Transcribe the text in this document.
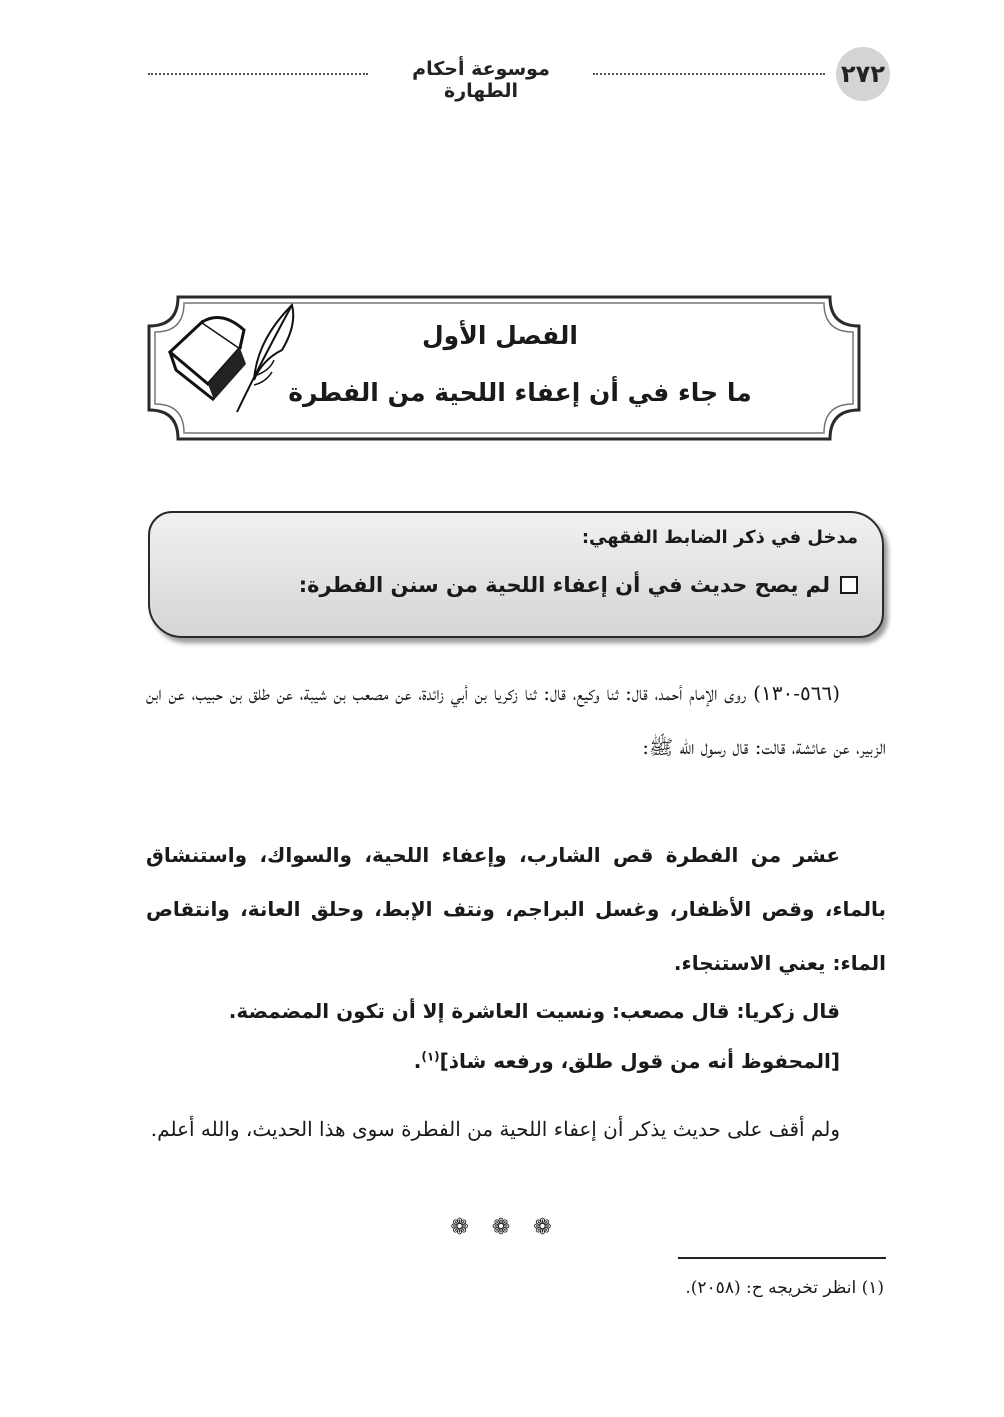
٢٧٢
موسوعة أحكام الطهارة
الفصل الأول
ما جاء في أن إعفاء اللحية من الفطرة
مدخل في ذكر الضابط الفقهي:
لم يصح حديث في أن إعفاء اللحية من سنن الفطرة:
(٥٦٦-١٣٠) روى الإمام أحمد، قال: ثنا وكيع، قال: ثنا زكريا بن أبي زائدة، عن مصعب بن شيبة، عن طلق بن حبيب، عن ابن الزبير، عن عائشة، قالت: قال رسول الله ﷺ:
عشر من الفطرة قص الشارب، وإعفاء اللحية، والسواك، واستنشاق بالماء، وقص الأظفار، وغسل البراجم، ونتف الإبط، وحلق العانة، وانتقاص الماء: يعني الاستنجاء.
قال زكريا: قال مصعب: ونسيت العاشرة إلا أن تكون المضمضة.
[المحفوظ أنه من قول طلق، ورفعه شاذ]$^{(١)}$.
ولم أقف على حديث يذكر أن إعفاء اللحية من الفطرة سوى هذا الحديث، والله أعلم.
❁ ❁ ❁
(١) انظر تخريجه ح: (٢٠٥٨).
